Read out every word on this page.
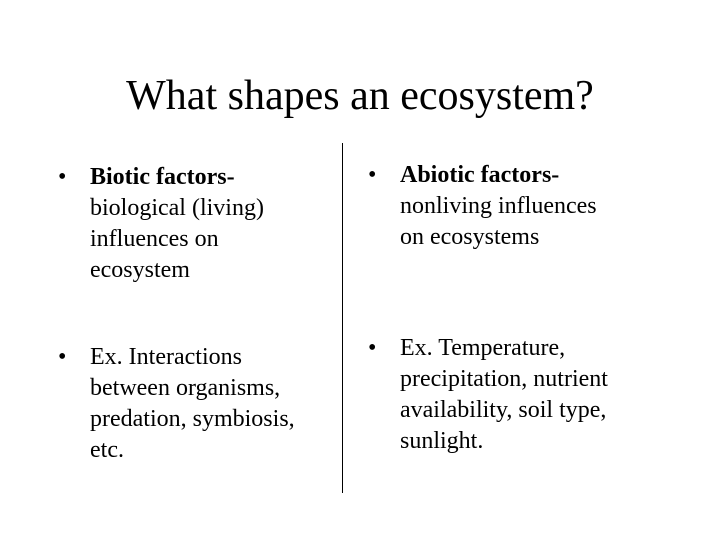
What shapes an ecosystem?
• Biotic factors-
biological (living)
influences on
ecosystem
• Ex. Interactions
between organisms,
predation, symbiosis,
etc.
• Abiotic factors-
nonliving influences
on ecosystems
• Ex. Temperature,
precipitation, nutrient
availability, soil type,
sunlight.
